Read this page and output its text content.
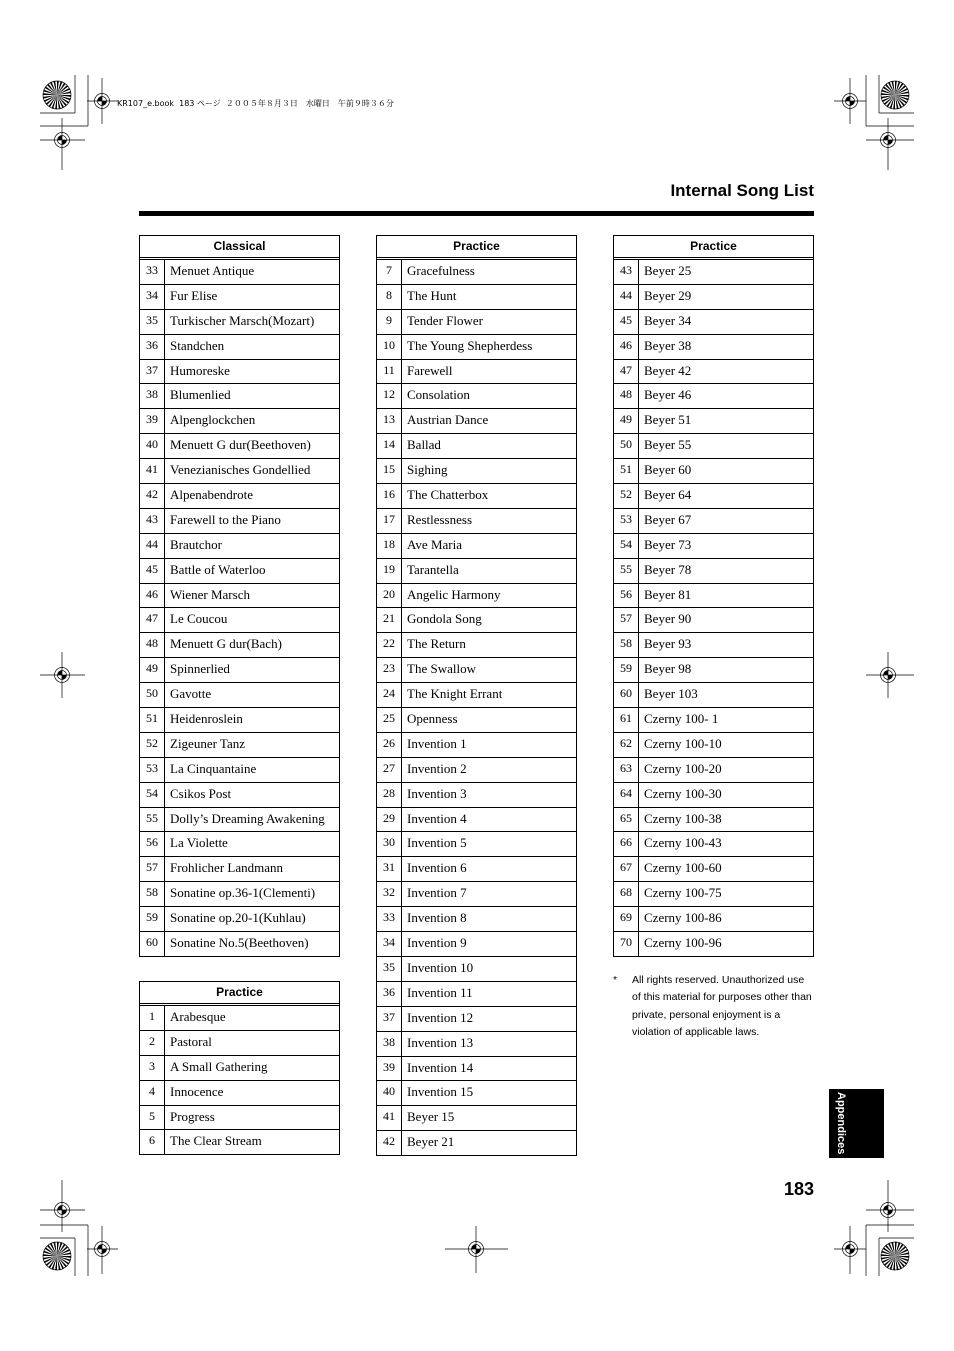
KR107_e.book  183 ページ  ２００５年８月３日　水曜日　午前９時３６分
Internal Song List
Classical
33 Menuet Antique
34 Fur Elise
35 Turkischer Marsch(Mozart)
36 Standchen
37 Humoreske
38 Blumenlied
39 Alpenglockchen
40 Menuett G dur(Beethoven)
41 Venezianisches Gondellied
42 Alpenabendrote
43 Farewell to the Piano
44 Brautchor
45 Battle of Waterloo
46 Wiener Marsch
47 Le Coucou
48 Menuett G dur(Bach)
49 Spinnerlied
50 Gavotte
51 Heidenroslein
52 Zigeuner Tanz
53 La Cinquantaine
54 Csikos Post
55 Dolly’s Dreaming Awakening
56 La Violette
57 Frohlicher Landmann
58 Sonatine op.36-1(Clementi)
59 Sonatine op.20-1(Kuhlau)
60 Sonatine No.5(Beethoven)
Practice
1	Arabesque
2	Pastoral
3	A Small Gathering
4	Innocence
5	Progress
6	The Clear Stream
Practice
7	Gracefulness
8	The Hunt
9	Tender Flower
10 The Young Shepherdess
11 Farewell
12 Consolation
13 Austrian Dance
14 Ballad
15 Sighing
16 The Chatterbox
17 Restlessness
18 Ave Maria
19 Tarantella
20 Angelic Harmony
21 Gondola Song
22 The Return
23 The Swallow
24 The Knight Errant
25 Openness
26 Invention 1
27 Invention 2
28 Invention 3
29 Invention 4
30 Invention 5
31 Invention 6
32 Invention 7
33 Invention 8
34 Invention 9
35 Invention 10
36 Invention 11
37 Invention 12
38 Invention 13
39 Invention 14
40 Invention 15
41 Beyer 15
42 Beyer 21
Practice
43 Beyer 25
44 Beyer 29
45 Beyer 34
46 Beyer 38
47 Beyer 42
48 Beyer 46
49 Beyer 51
50 Beyer 55
51 Beyer 60
52 Beyer 64
53 Beyer 67
54 Beyer 73
55 Beyer 78
56 Beyer 81
57 Beyer 90
58 Beyer 93
59 Beyer 98
60 Beyer 103
61 Czerny 100- 1
62 Czerny 100-10
63 Czerny 100-20
64 Czerny 100-30
65 Czerny 100-38
66 Czerny 100-43
67 Czerny 100-60
68 Czerny 100-75
69 Czerny 100-86
70 Czerny 100-96
* All rights reserved. Unauthorized use
of this material for purposes other than
private, personal enjoyment is a
violation of applicable laws.
Appendices
183
